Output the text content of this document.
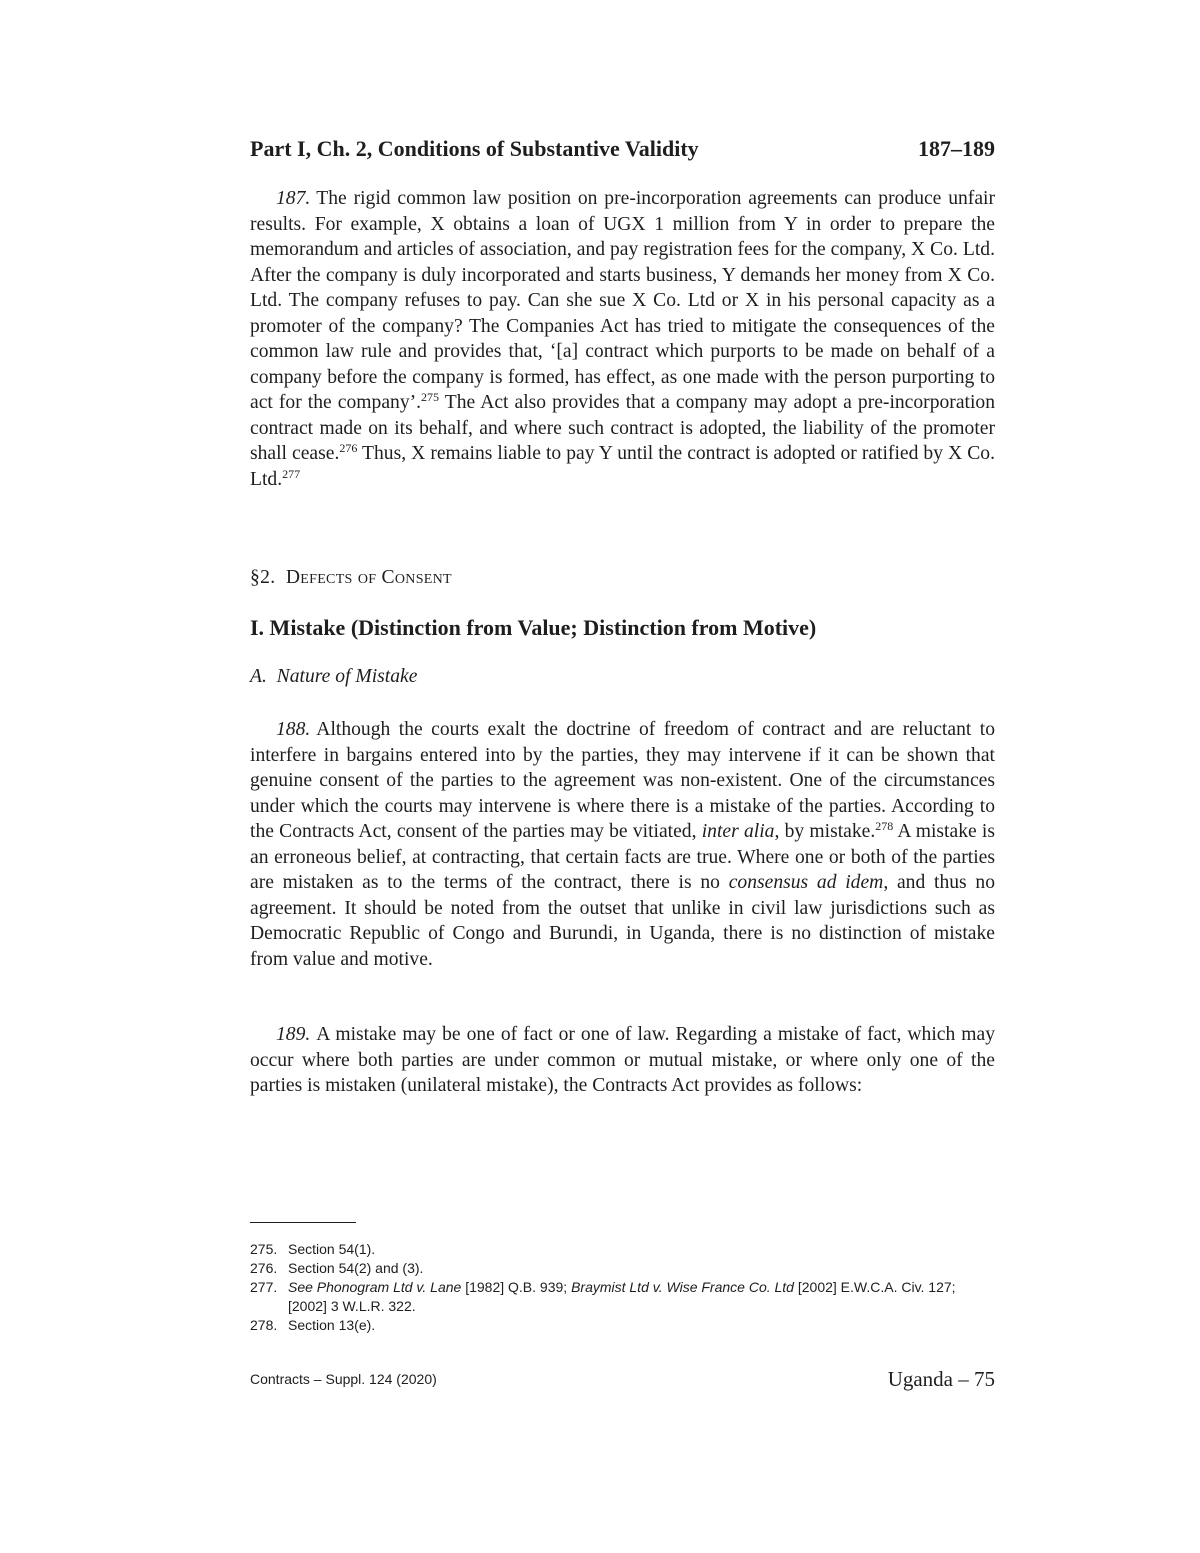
Part I, Ch. 2, Conditions of Substantive Validity	187–189

187. The rigid common law position on pre-incorporation agreements can produce unfair results. For example, X obtains a loan of UGX 1 million from Y in order to prepare the memorandum and articles of association, and pay registration fees for the company, X Co. Ltd. After the company is duly incorporated and starts business, Y demands her money from X Co. Ltd. The company refuses to pay. Can she sue X Co. Ltd or X in his personal capacity as a promoter of the company? The Companies Act has tried to mitigate the consequences of the common law rule and provides that, ‘[a] contract which purports to be made on behalf of a company before the company is formed, has effect, as one made with the person purporting to act for the company’.$^{275}$ The Act also provides that a company may adopt a pre-incorporation contract made on its behalf, and where such contract is adopted, the liability of the promoter shall cease.$^{276}$ Thus, X remains liable to pay Y until the contract is adopted or ratified by X Co. Ltd.$^{277}$

§2. Defects of Consent
I. Mistake (Distinction from Value; Distinction from Motive)
A. Nature of Mistake

188. Although the courts exalt the doctrine of freedom of contract and are reluctant to interfere in bargains entered into by the parties, they may intervene if it can be shown that genuine consent of the parties to the agreement was non-existent. One of the circumstances under which the courts may intervene is where there is a mistake of the parties. According to the Contracts Act, consent of the parties may be vitiated, inter alia, by mistake.$^{278}$ A mistake is an erroneous belief, at contracting, that certain facts are true. Where one or both of the parties are mistaken as to the terms of the contract, there is no consensus ad idem, and thus no agreement. It should be noted from the outset that unlike in civil law jurisdictions such as Democratic Republic of Congo and Burundi, in Uganda, there is no distinction of mistake from value and motive.

189. A mistake may be one of fact or one of law. Regarding a mistake of fact, which may occur where both parties are under common or mutual mistake, or where only one of the parties is mistaken (unilateral mistake), the Contracts Act provides as follows:

275. Section 54(1).
276. Section 54(2) and (3).
277. See Phonogram Ltd v. Lane [1982] Q.B. 939; Braymist Ltd v. Wise France Co. Ltd [2002] E.W.C.A. Civ. 127; [2002] 3 W.L.R. 322.
278. Section 13(e).
Contracts – Suppl. 124 (2020)	Uganda – 75
